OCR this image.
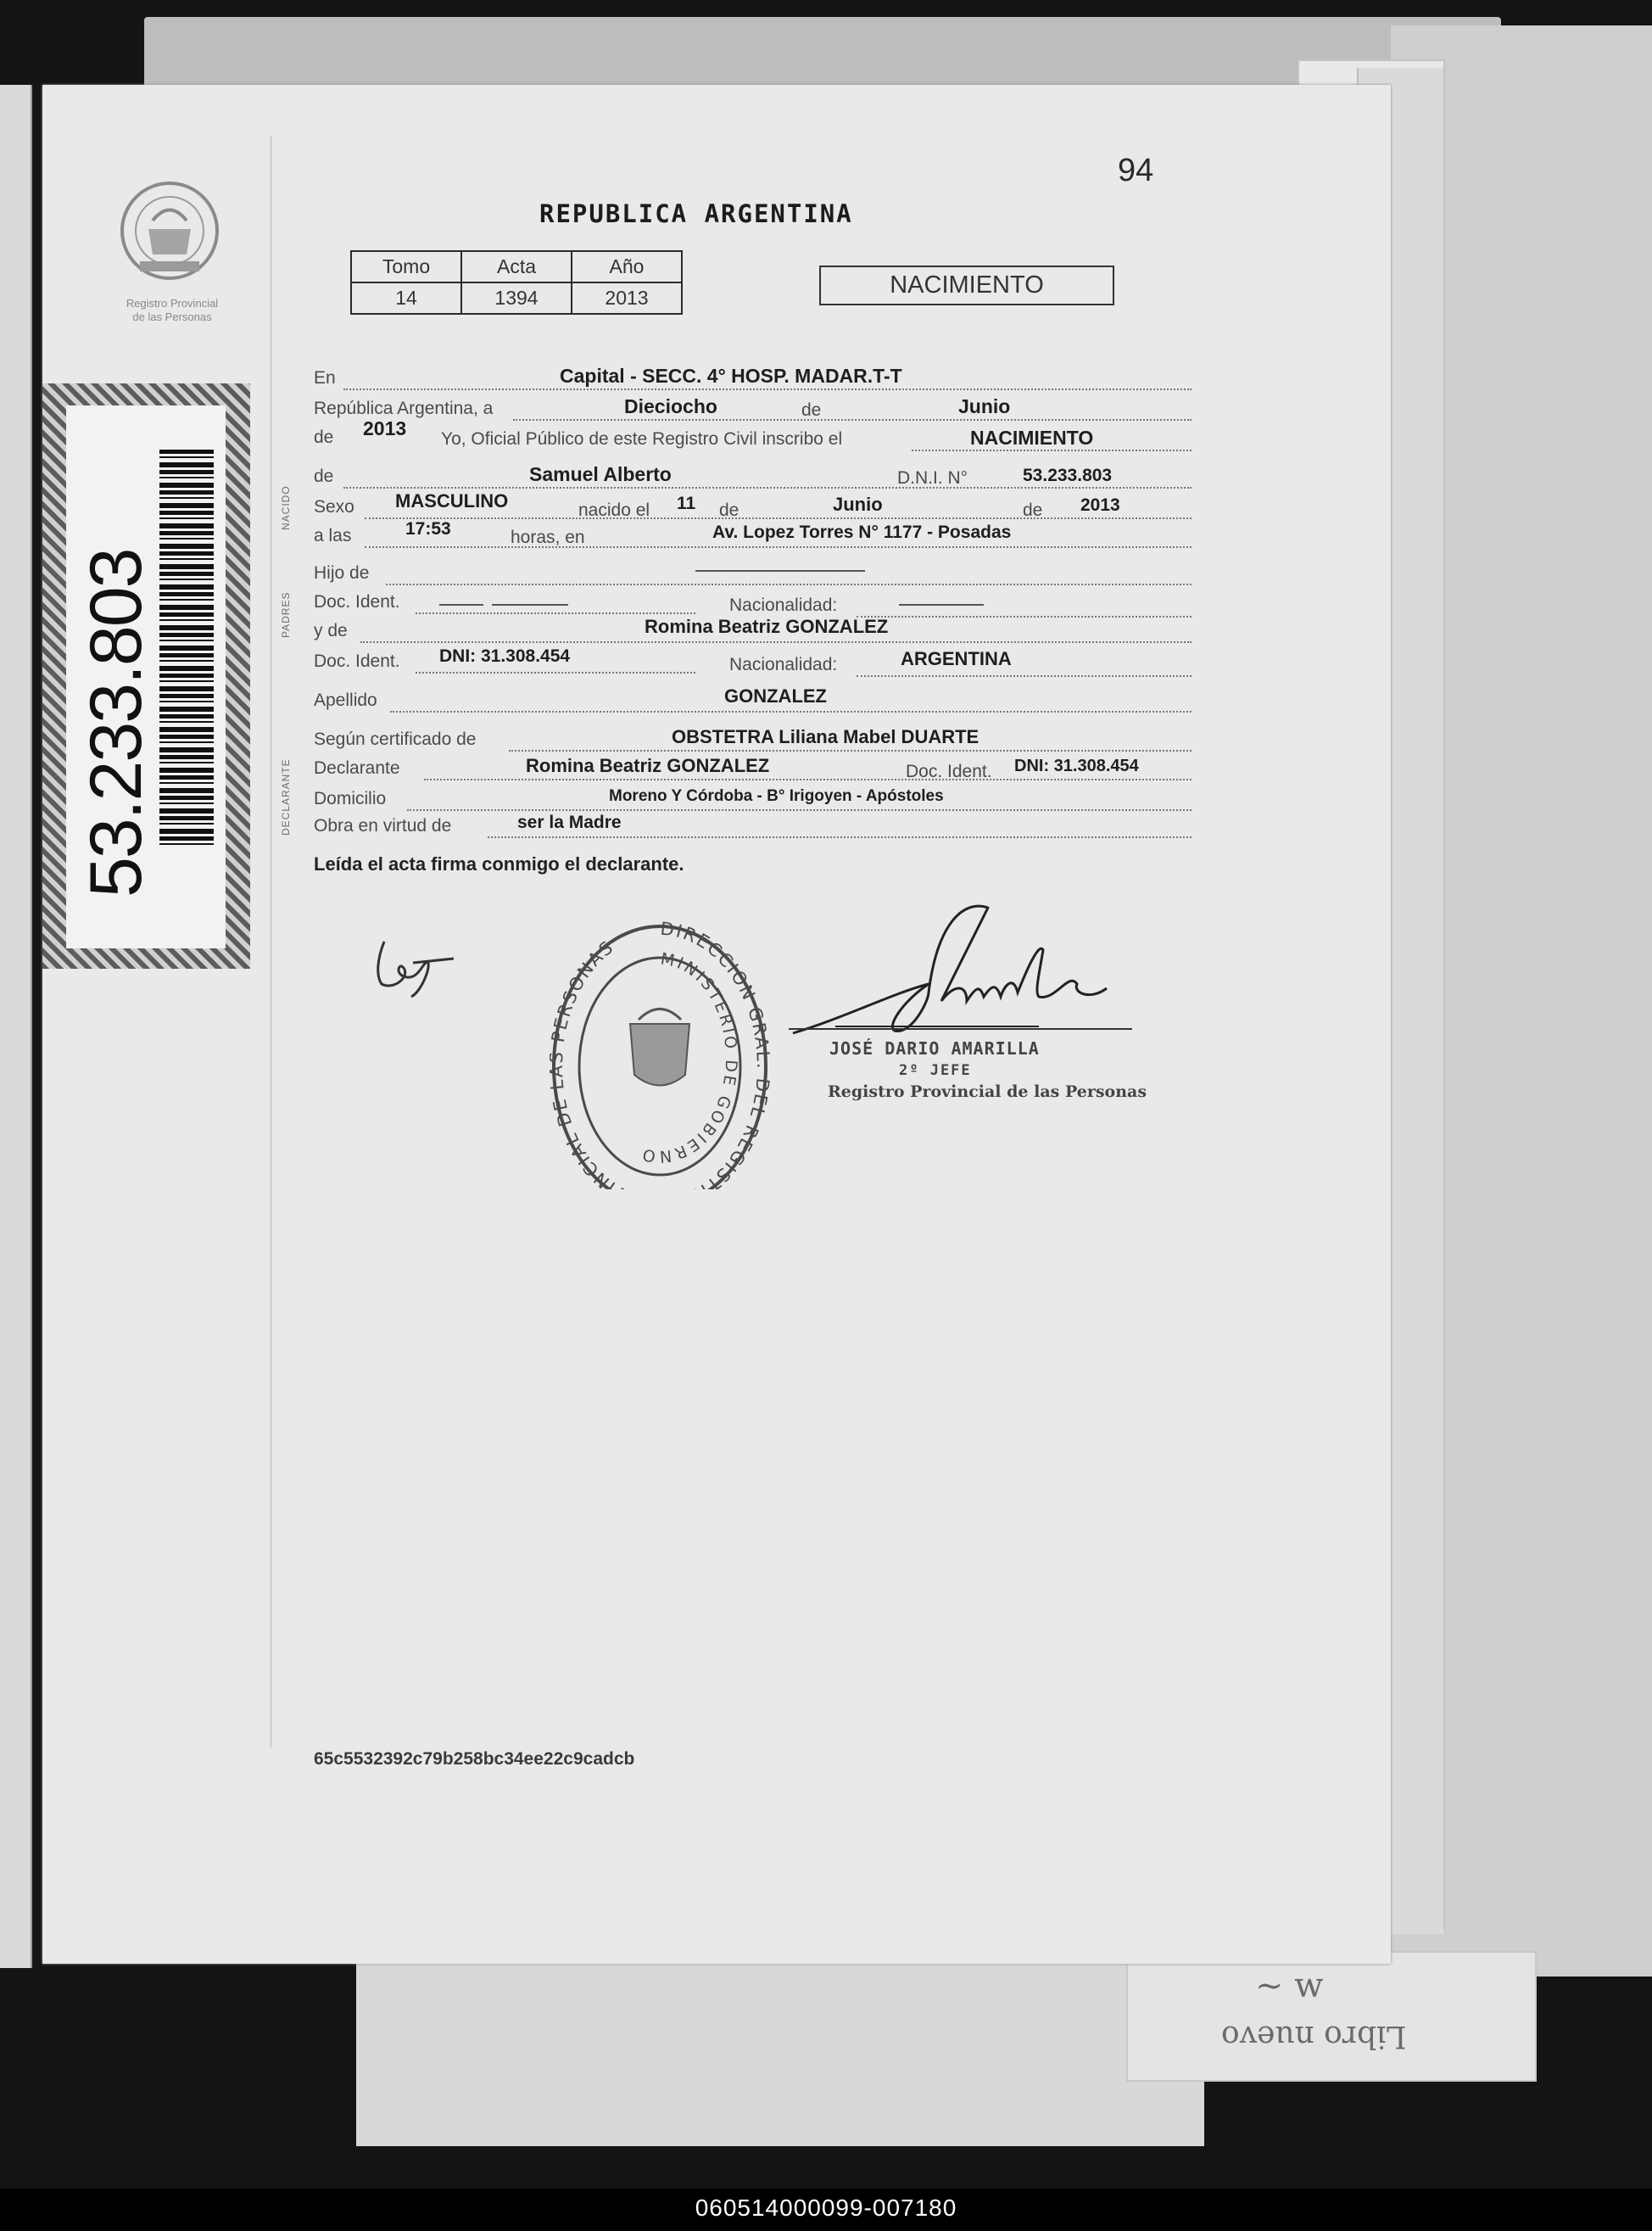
~ w
Libro nuevo
Registro Provincial
de las Personas
53.233.803
94
REPUBLICA ARGENTINA
Tomo	Acta	Año
14	1394	2013	NACIMIENTO
NACIDO
PADRES
DECLARANTE
En	Capital - SECC. 4° HOSP. MADAR.T-T
República Argentina, a	Dieciocho	de	Junio
de 2013 Yo, Oficial Público de este Registro Civil inscribo el	NACIMIENTO
de	Samuel Alberto	D.N.I. N°	53.233.803
Sexo MASCULINO	nacido el 11 de	Junio	de 2013
a las	17:53	horas, en	Av. Lopez Torres N° 1177 - Posadas
Hijo de
Doc. Ident.	Nacionalidad:
y de	Romina Beatriz GONZALEZ
Doc. Ident. DNI: 31.308.454	Nacionalidad:	ARGENTINA
Apellido	GONZALEZ
Según certificado de	OBSTETRA Liliana Mabel DUARTE
Declarante	Romina Beatriz GONZALEZ	Doc. Ident. DNI: 31.308.454
Domicilio	Moreno Y Córdoba - B° Irigoyen - Apóstoles
Obra en virtud de	ser la Madre
Leída el acta firma conmigo el declarante.
DIRECCION GR EL REGIST INCIAL DE PERSONAS	MINISTERIO DE GOBIERNO
JOSÉ DARIO AMARILLA
2º JEFE
Registro Provincial de las Personas
65c5532392c79b258bc34ee22c9cadcb
060514000099-007180
